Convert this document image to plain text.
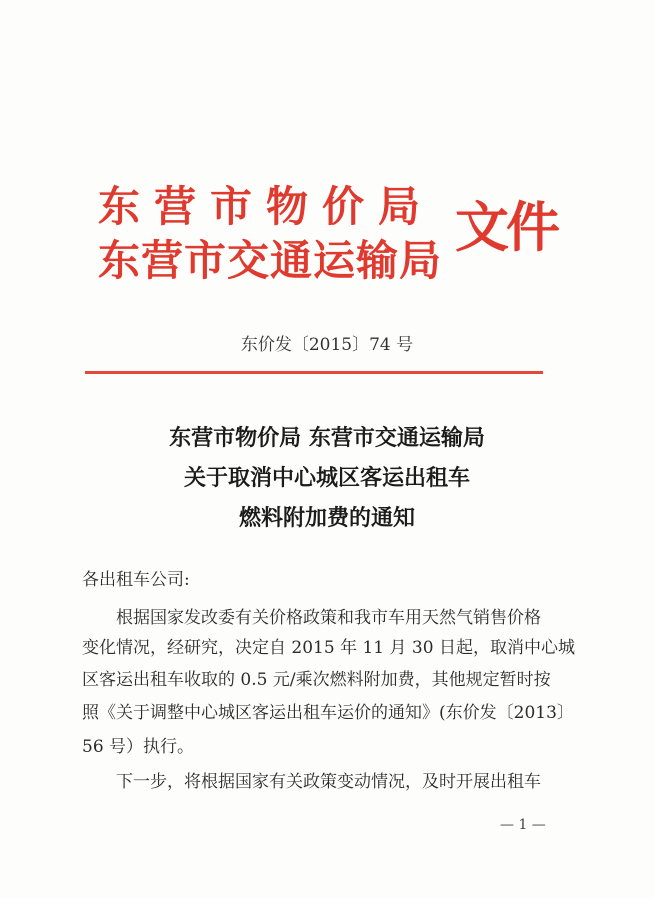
东营市物价局
东营市交通运输局
文件
东价发〔2015〕74 号
东营市物价局 东营市交通运输局
关于取消中心城区客运出租车
燃料附加费的通知
各出租车公司:
根据国家发改委有关价格政策和我市车用天然气销售价格
变化情况，经研究，决定自 2015 年 11 月 30 日起，取消中心城
区客运出租车收取的 0.5 元/乘次燃料附加费，其他规定暂时按
照《关于调整中心城区客运出租车运价的通知》(东价发〔2013〕
56 号）执行。
下一步，将根据国家有关政策变动情况，及时开展出租车
— 1 —
